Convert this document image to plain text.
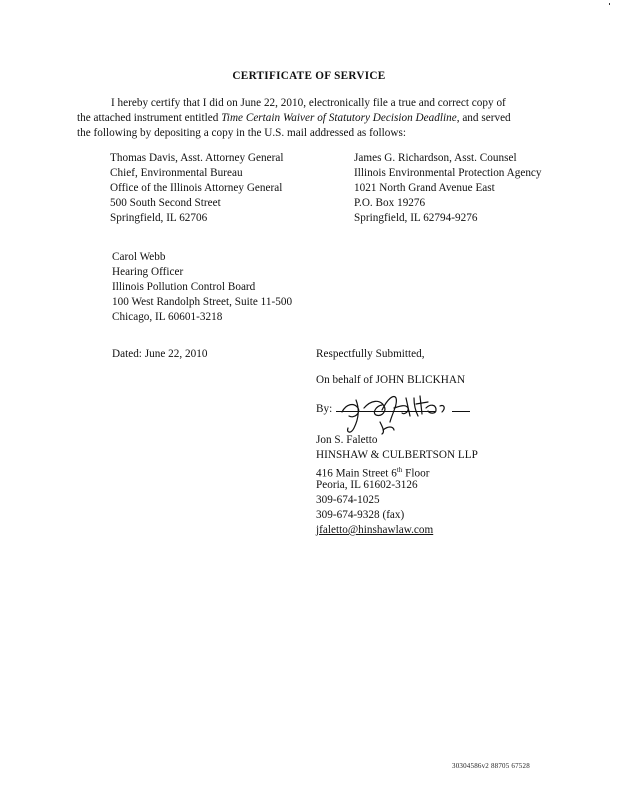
CERTIFICATE OF SERVICE
I hereby certify that I did on June 22, 2010, electronically file a true and correct copy of
the attached instrument entitled Time Certain Waiver of Statutory Decision Deadline, and served
the following by depositing a copy in the U.S. mail addressed as follows:
Thomas Davis, Asst. Attorney General
Chief, Environmental Bureau
Office of the Illinois Attorney General
500 South Second Street
Springfield, IL 62706
James G. Richardson, Asst. Counsel
Illinois Environmental Protection Agency
1021 North Grand Avenue East
P.O. Box 19276
Springfield, IL 62794-9276
Carol Webb
Hearing Officer
Illinois Pollution Control Board
100 West Randolph Street, Suite 11-500
Chicago, IL 60601-3218
Dated: June 22, 2010	Respectfully Submitted,
On behalf of JOHN BLICKHAN
By:
Jon S. Faletto
HINSHAW & CULBERTSON LLP
416 Main Street 6th Floor
Peoria, IL 61602-3126
309-674-1025
309-674-9328 (fax)
jfaletto@hinshawlaw.com
30304586v2 88705 67528
